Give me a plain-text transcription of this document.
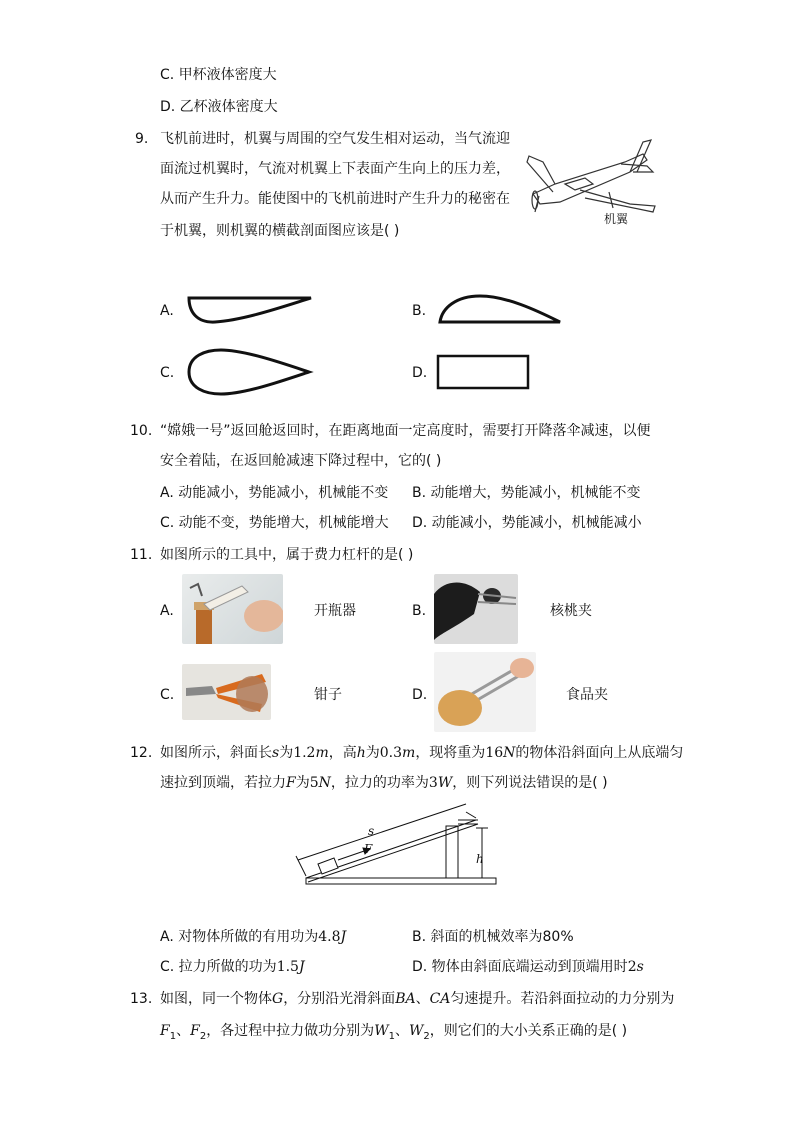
C. 甲杯液体密度大
D. 乙杯液体密度大
9. 飞机前进时，机翼与周围的空气发生相对运动，当气流迎
面流过机翼时，气流对机翼上下表面产生向上的压力差，
从而产生升力。能使图中的飞机前进时产生升力的秘密在
于机翼，则机翼的横截剖面图应该是( )
机翼
A.	B.
C.	D.
10. “嫦娥一号”返回舱返回时，在距离地面一定高度时，需要打开降落伞减速，以便
安全着陆，在返回舱减速下降过程中，它的( )
A. 动能减小，势能减小，机械能不变 B. 动能增大，势能减小，机械能不变
C. 动能不变，势能增大，机械能增大 D. 动能减小，势能减小，机械能减小
11. 如图所示的工具中，属于费力杠杆的是( )
A.	开瓶器	B.	核桃夹
C.	钳子	D.	食品夹
12. 如图所示，斜面长s为1.2m，高h为0.3m，现将重为16N的物体沿斜面向上从底端匀
速拉到顶端，若拉力F为5N，拉力的功率为3W，则下列说法错误的是( )
s
F
h
A. 对物体所做的有用功为4.8J	B. 斜面的机械效率为80%
C. 拉力所做的功为1.5J	D. 物体由斜面底端运动到顶端用时2s
13. 如图，同一个物体G，分别沿光滑斜面BA、CA匀速提升。若沿斜面拉动的力分别为
$F_1$、$F_2$，各过程中拉力做功分别为$W_1$、$W_2$，则它们的大小关系正确的是( )
